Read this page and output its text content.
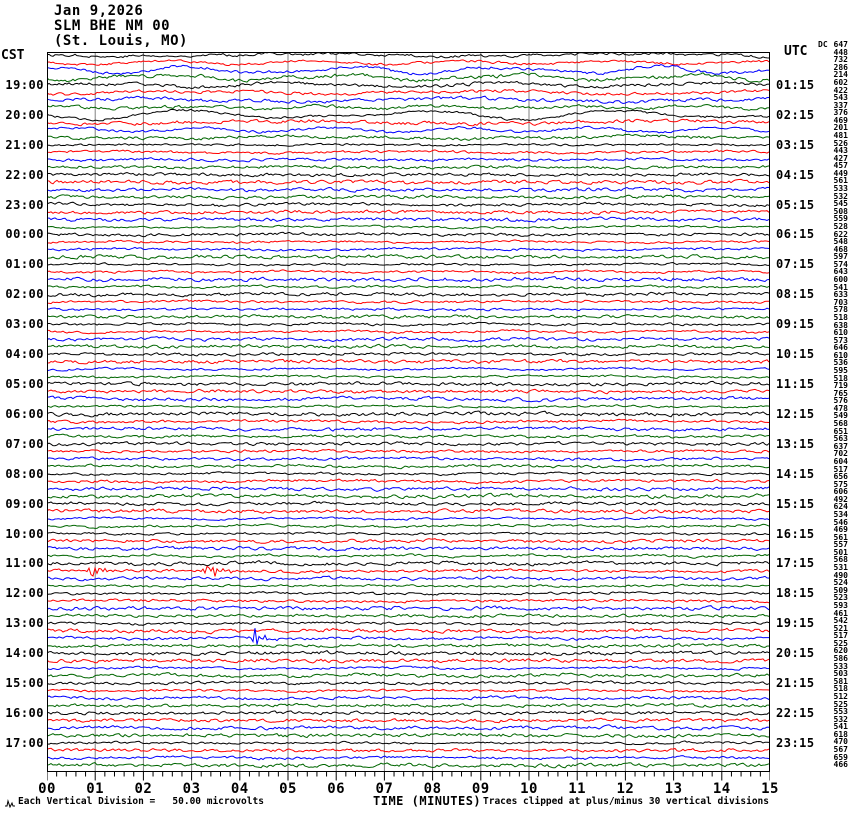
Jan 9,2026
SLM BHE NM 00
(St. Louis, MO)
CST	UTC DC
Each Vertical Division =   50.00 microvolts	TIME (MINUTES) Traces clipped at plus/minus 30 vertical divisions
19:00
20:00
21:00
22:00
23:00
00:00
01:00
02:00
03:00
04:00
05:00
06:00
07:00
08:00
09:00
10:00
11:00
12:00
13:00
14:00
15:00
16:00
17:00
01:15
02:15
03:15
04:15
05:15
06:15
07:15
08:15
09:15
10:15
11:15
12:15
13:15
14:15
15:15
16:15
17:15
18:15
19:15
20:15
21:15
22:15
23:15
647
448
732
286
214
602
422
543
337
376
469
201
481
526
443
427
457
449
561
533
532
545
508
559
528
622
548
468
597
574
643
600
541
633
703
578
518
638
610
573
646
610
536
595
518
719
765
576
478
549
568
651
563
637
702
604
517
656
575
606
492
624
534
546
469
561
557
501
568
531
490
524
509
523
593
461
542
521
517
525
620
586
533
503
581
518
512
525
553
532
541
618
470
567
659
466
00 01 02 03 04 05 06 07 08 09 10 11 12 13 14 15
